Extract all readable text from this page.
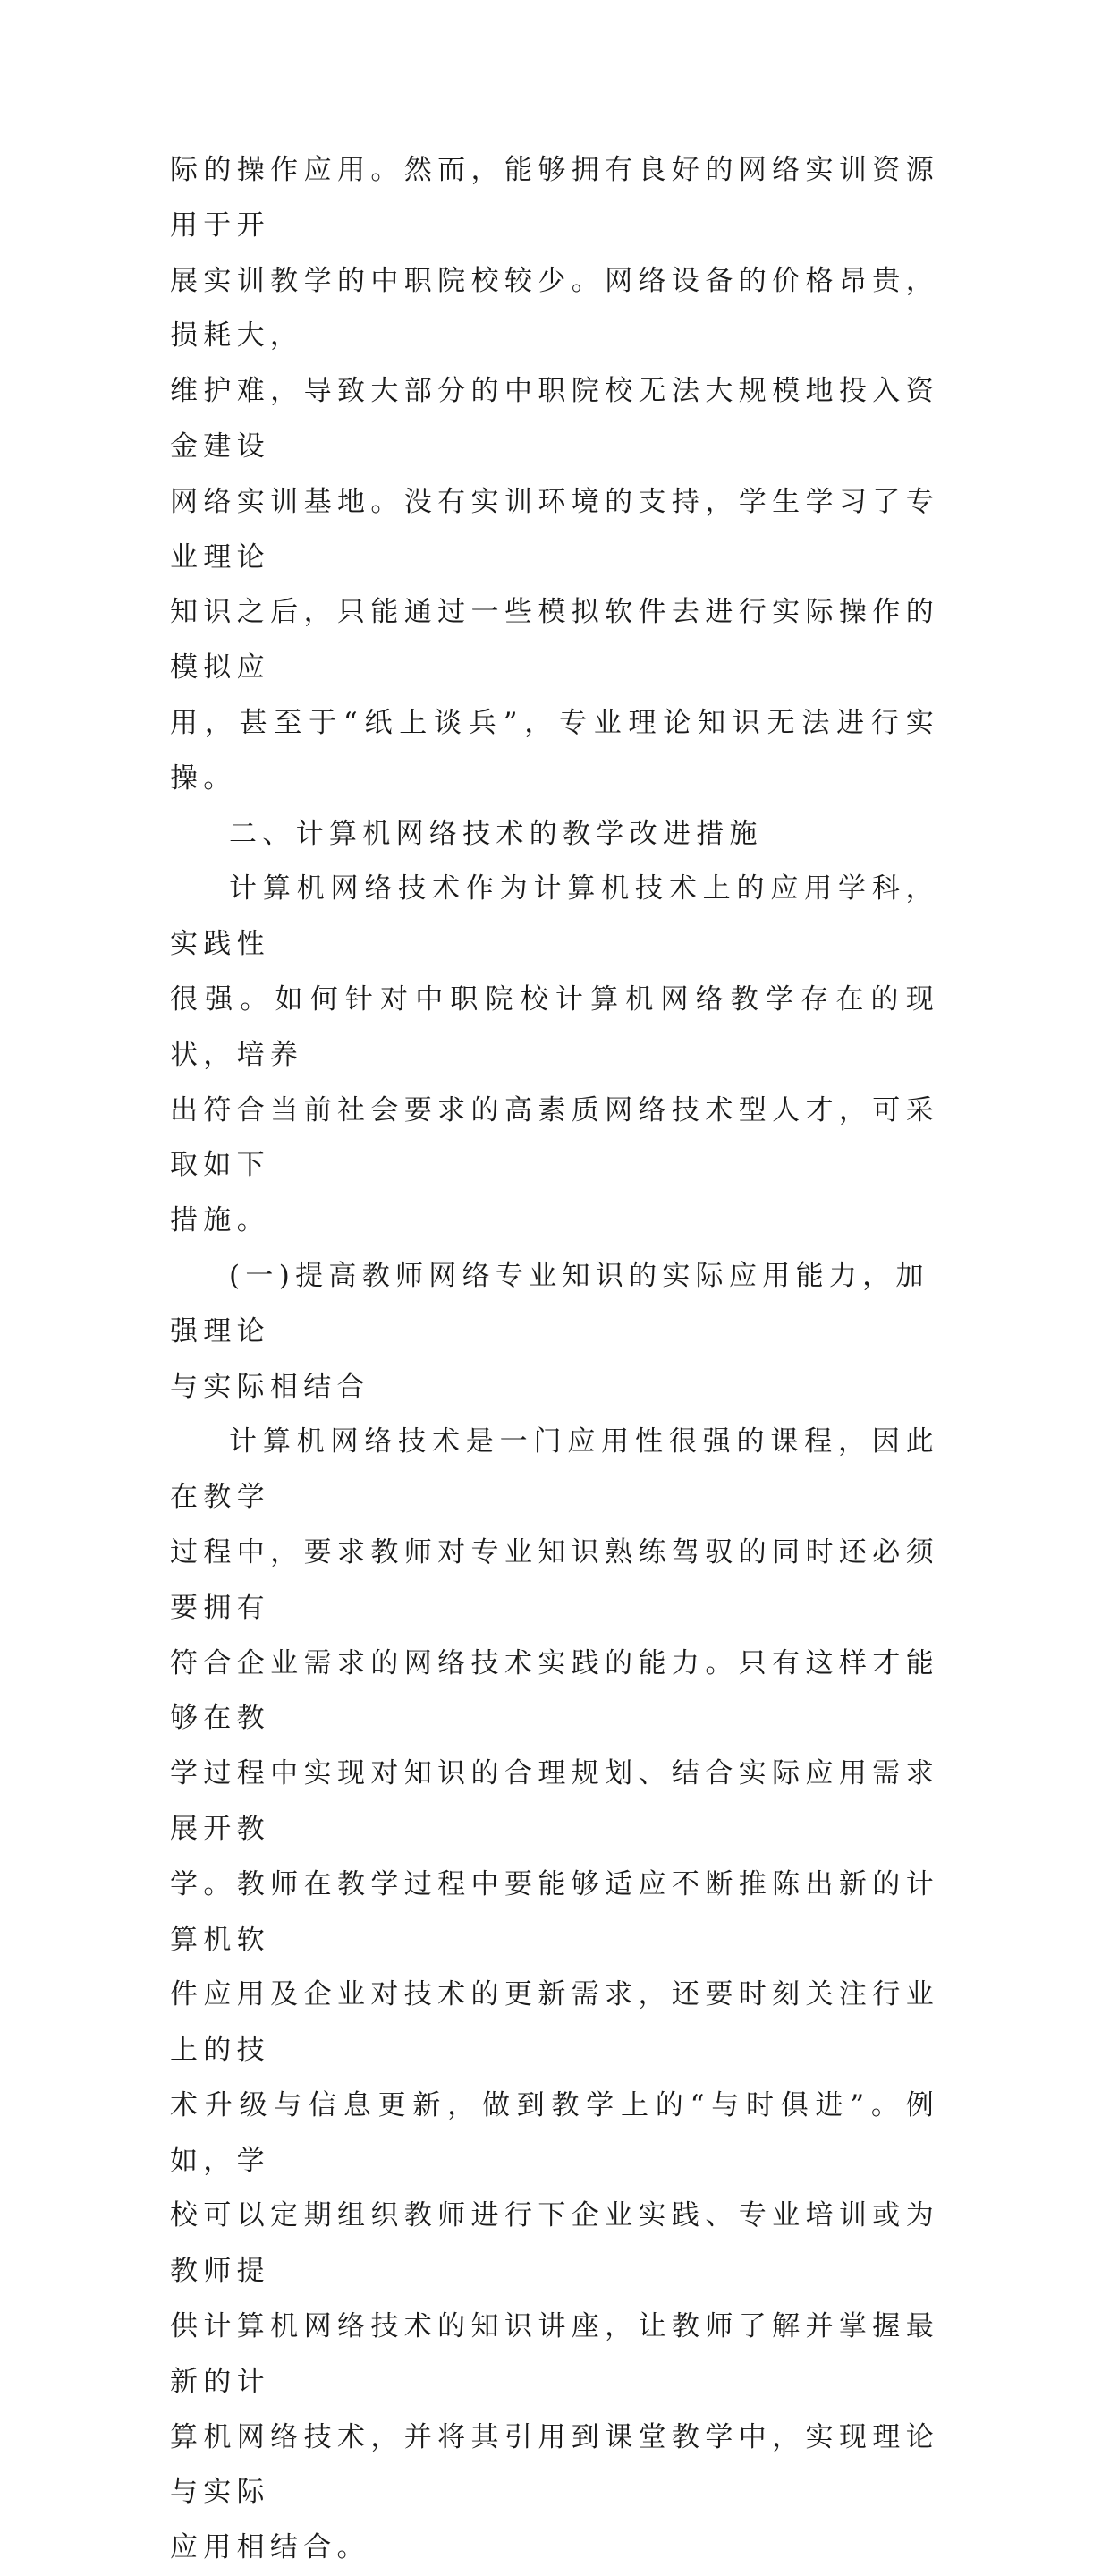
际的操作应用。然而，能够拥有良好的网络实训资源用于开
展实训教学的中职院校较少。网络设备的价格昂贵，损耗大，
维护难，导致大部分的中职院校无法大规模地投入资金建设
网络实训基地。没有实训环境的支持，学生学习了专业理论
知识之后，只能通过一些模拟软件去进行实际操作的模拟应
用，甚至于“纸上谈兵”，专业理论知识无法进行实操。

二、计算机网络技术的教学改进措施

计算机网络技术作为计算机技术上的应用学科，实践性
很强。如何针对中职院校计算机网络教学存在的现状，培养
出符合当前社会要求的高素质网络技术型人才，可采取如下
措施。

(一)提高教师网络专业知识的实际应用能力，加强理论
与实际相结合

计算机网络技术是一门应用性很强的课程，因此在教学
过程中，要求教师对专业知识熟练驾驭的同时还必须要拥有
符合企业需求的网络技术实践的能力。只有这样才能够在教
学过程中实现对知识的合理规划、结合实际应用需求展开教
学。教师在教学过程中要能够适应不断推陈出新的计算机软
件应用及企业对技术的更新需求，还要时刻关注行业上的技
术升级与信息更新，做到教学上的“与时俱进”。例如，学
校可以定期组织教师进行下企业实践、专业培训或为教师提
供计算机网络技术的知识讲座，让教师了解并掌握最新的计
算机网络技术，并将其引用到课堂教学中，实现理论与实际
应用相结合。
